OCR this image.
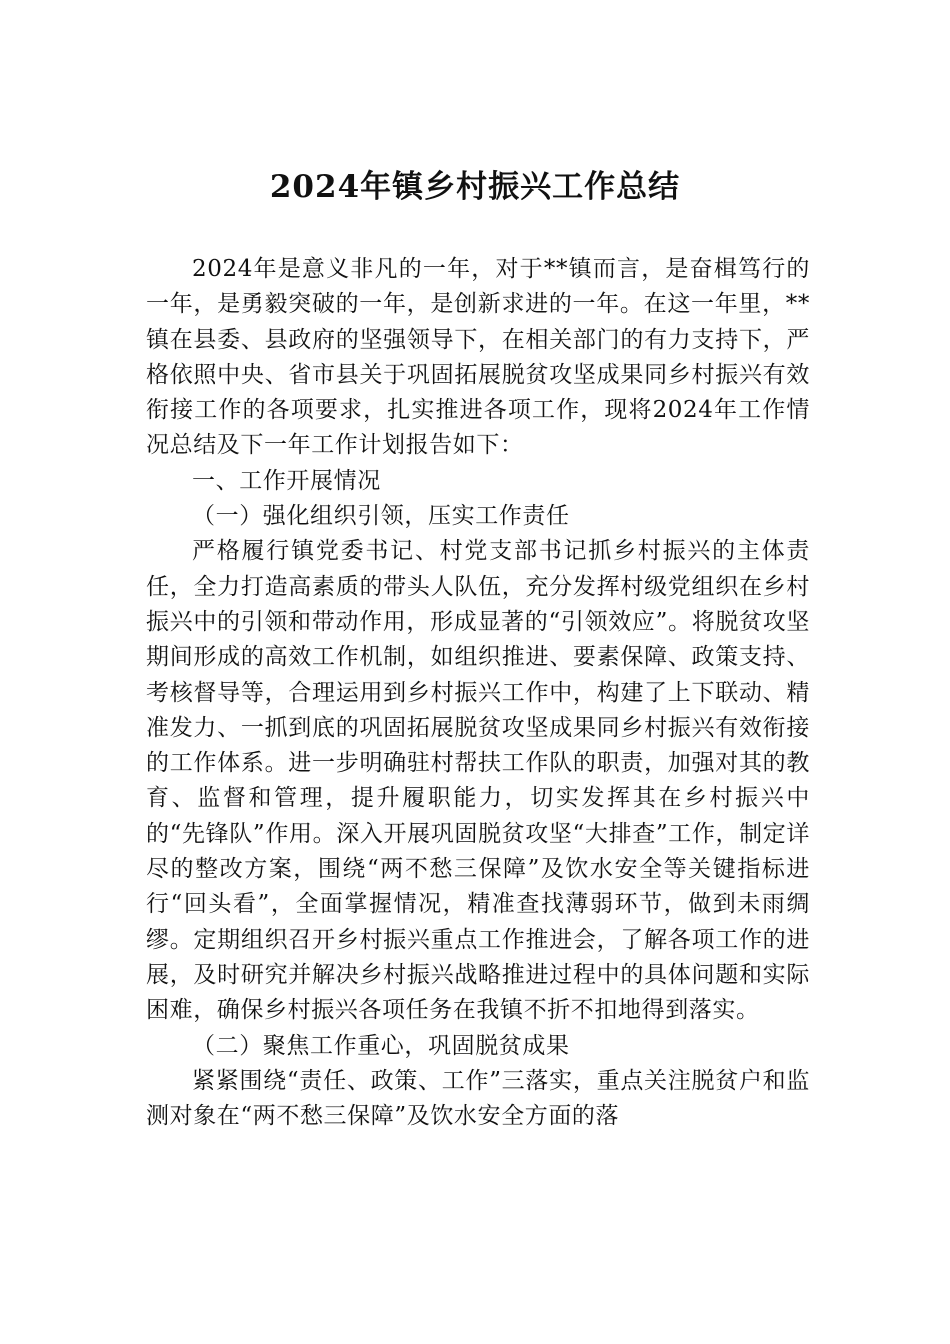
2024年镇乡村振兴工作总结

2024年是意义非凡的一年，对于**镇而言，是奋楫笃行的一年，是勇毅突破的一年，是创新求进的一年。在这一年里，**镇在县委、县政府的坚强领导下，在相关部门的有力支持下，严格依照中央、省市县关于巩固拓展脱贫攻坚成果同乡村振兴有效衔接工作的各项要求，扎实推进各项工作，现将2024年工作情况总结及下一年工作计划报告如下：

一、工作开展情况

（一）强化组织引领，压实工作责任

严格履行镇党委书记、村党支部书记抓乡村振兴的主体责任，全力打造高素质的带头人队伍，充分发挥村级党组织在乡村振兴中的引领和带动作用，形成显著的“引领效应”。将脱贫攻坚期间形成的高效工作机制，如组织推进、要素保障、政策支持、考核督导等，合理运用到乡村振兴工作中，构建了上下联动、精准发力、一抓到底的巩固拓展脱贫攻坚成果同乡村振兴有效衔接的工作体系。进一步明确驻村帮扶工作队的职责，加强对其的教育、监督和管理，提升履职能力，切实发挥其在乡村振兴中的“先锋队”作用。深入开展巩固脱贫攻坚“大排查”工作，制定详尽的整改方案，围绕“两不愁三保障”及饮水安全等关键指标进行“回头看”，全面掌握情况，精准查找薄弱环节，做到未雨绸缪。定期组织召开乡村振兴重点工作推进会，了解各项工作的进展，及时研究并解决乡村振兴战略推进过程中的具体问题和实际困难，确保乡村振兴各项任务在我镇不折不扣地得到落实。

（二）聚焦工作重心，巩固脱贫成果

紧紧围绕“责任、政策、工作”三落实，重点关注脱贫户和监测对象在“两不愁三保障”及饮水安全方面的落
